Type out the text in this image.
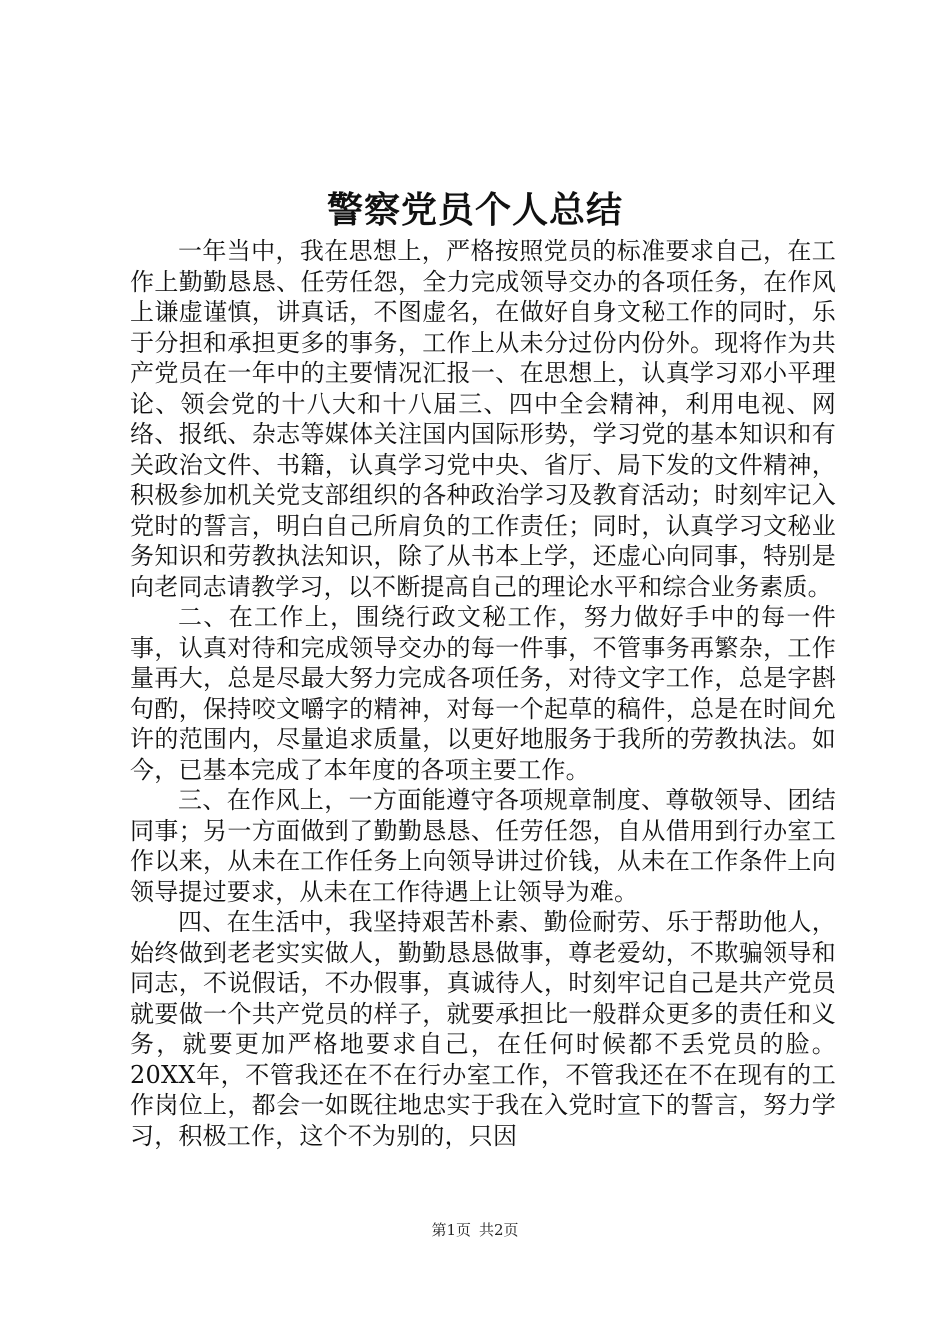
警察党员个人总结

一年当中，我在思想上，严格按照党员的标准要求自己，在工作上勤勤恳恳、任劳任怨，全力完成领导交办的各项任务，在作风上谦虚谨慎，讲真话，不图虚名，在做好自身文秘工作的同时，乐于分担和承担更多的事务，工作上从未分过份内份外。现将作为共产党员在一年中的主要情况汇报一、在思想上，认真学习邓小平理论、领会党的十八大和十八届三、四中全会精神，利用电视、网络、报纸、杂志等媒体关注国内国际形势，学习党的基本知识和有关政治文件、书籍，认真学习党中央、省厅、局下发的文件精神，积极参加机关党支部组织的各种政治学习及教育活动；时刻牢记入党时的誓言，明白自己所肩负的工作责任；同时，认真学习文秘业务知识和劳教执法知识，除了从书本上学，还虚心向同事，特别是向老同志请教学习，以不断提高自己的理论水平和综合业务素质。

二、在工作上，围绕行政文秘工作，努力做好手中的每一件事，认真对待和完成领导交办的每一件事，不管事务再繁杂，工作量再大，总是尽最大努力完成各项任务，对待文字工作，总是字斟句酌，保持咬文嚼字的精神，对每一个起草的稿件，总是在时间允许的范围内，尽量追求质量，以更好地服务于我所的劳教执法。如今，已基本完成了本年度的各项主要工作。

三、在作风上，一方面能遵守各项规章制度、尊敬领导、团结同事；另一方面做到了勤勤恳恳、任劳任怨，自从借用到行办室工作以来，从未在工作任务上向领导讲过价钱，从未在工作条件上向领导提过要求，从未在工作待遇上让领导为难。

四、在生活中，我坚持艰苦朴素、勤俭耐劳、乐于帮助他人，始终做到老老实实做人，勤勤恳恳做事，尊老爱幼，不欺骗领导和同志，不说假话，不办假事，真诚待人，时刻牢记自己是共产党员就要做一个共产党员的样子，就要承担比一般群众更多的责任和义务，就要更加严格地要求自己，在任何时候都不丢党员的脸。20XX年，不管我还在不在行办室工作，不管我还在不在现有的工作岗位上，都会一如既往地忠实于我在入党时宣下的誓言，努力学习，积极工作，这个不为别的，只因

第1页 共2页
